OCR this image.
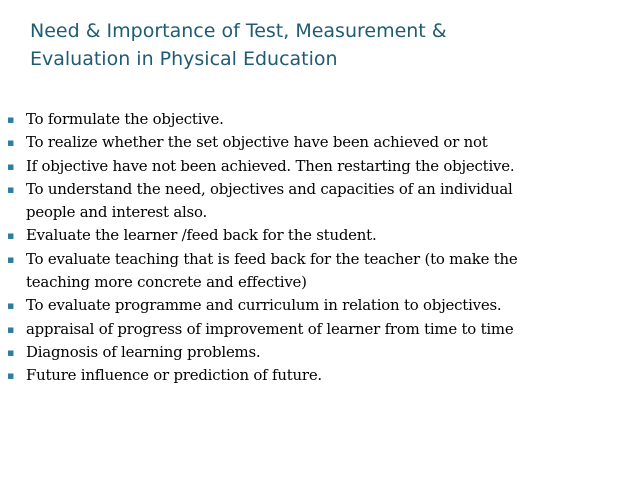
Need & Importance of Test, Measurement &
Evaluation in Physical Education
▪ To formulate the objective.
▪ To realize whether the set objective have been achieved or not
▪ If objective have not been achieved. Then restarting the objective.
▪ To understand the need, objectives and capacities of an individual
people and interest also.
▪ Evaluate the learner /feed back for the student.
▪ To evaluate teaching that is feed back for the teacher (to make the
teaching more concrete and effective)
▪ To evaluate programme and curriculum in relation to objectives.
▪ appraisal of progress of improvement of learner from time to time
▪ Diagnosis of learning problems.
▪ Future influence or prediction of future.
